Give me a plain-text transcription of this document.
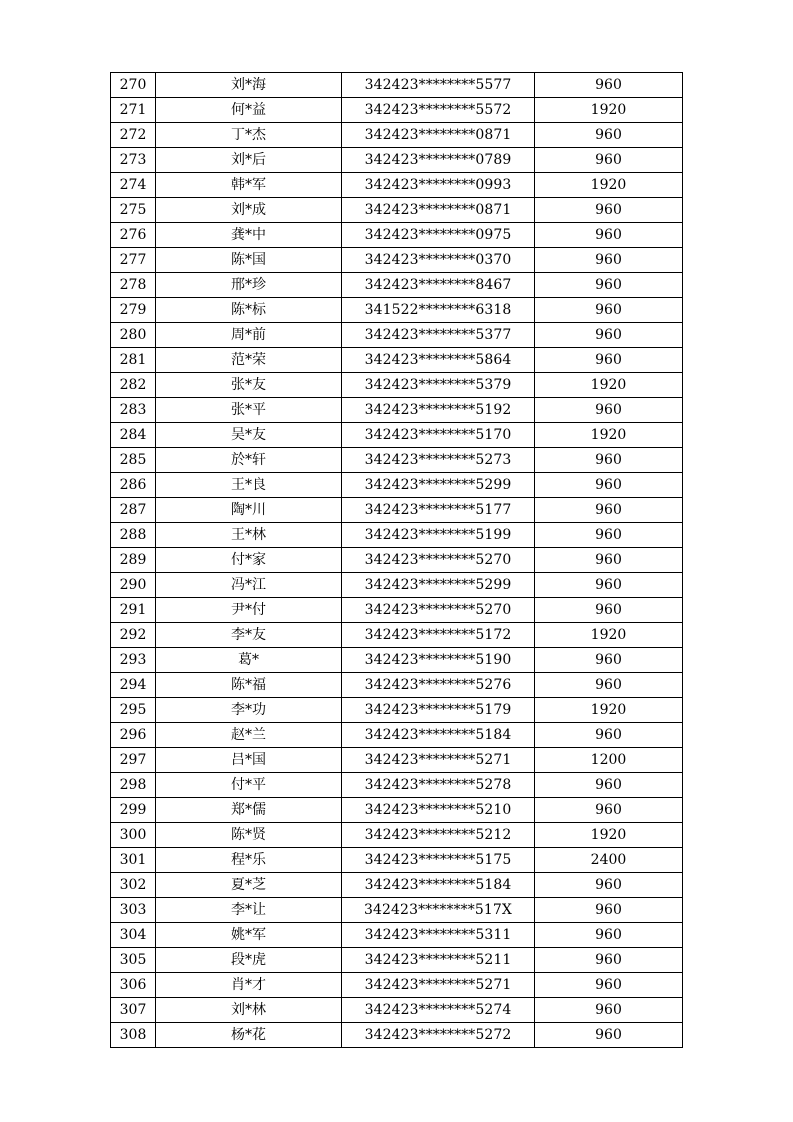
270	刘*海	342423********5577	960
271	何*益	342423********5572	1920
272	丁*杰	342423********0871	960
273	刘*后	342423********0789	960
274	韩*军	342423********0993	1920
275	刘*成	342423********0871	960
276	龚*中	342423********0975	960
277	陈*国	342423********0370	960
278	邢*珍	342423********8467	960
279	陈*标	341522********6318	960
280	周*前	342423********5377	960
281	范*荣	342423********5864	960
282	张*友	342423********5379	1920
283	张*平	342423********5192	960
284	吴*友	342423********5170	1920
285	於*轩	342423********5273	960
286	王*良	342423********5299	960
287	陶*川	342423********5177	960
288	王*林	342423********5199	960
289	付*家	342423********5270	960
290	冯*江	342423********5299	960
291	尹*付	342423********5270	960
292	李*友	342423********5172	1920
293	葛*	342423********5190	960
294	陈*福	342423********5276	960
295	李*功	342423********5179	1920
296	赵*兰	342423********5184	960
297	吕*国	342423********5271	1200
298	付*平	342423********5278	960
299	郑*儒	342423********5210	960
300	陈*贤	342423********5212	1920
301	程*乐	342423********5175	2400
302	夏*芝	342423********5184	960
303	李*让	342423********517X	960
304	姚*军	342423********5311	960
305	段*虎	342423********5211	960
306	肖*才	342423********5271	960
307	刘*林	342423********5274	960
308	杨*花	342423********5272	960
